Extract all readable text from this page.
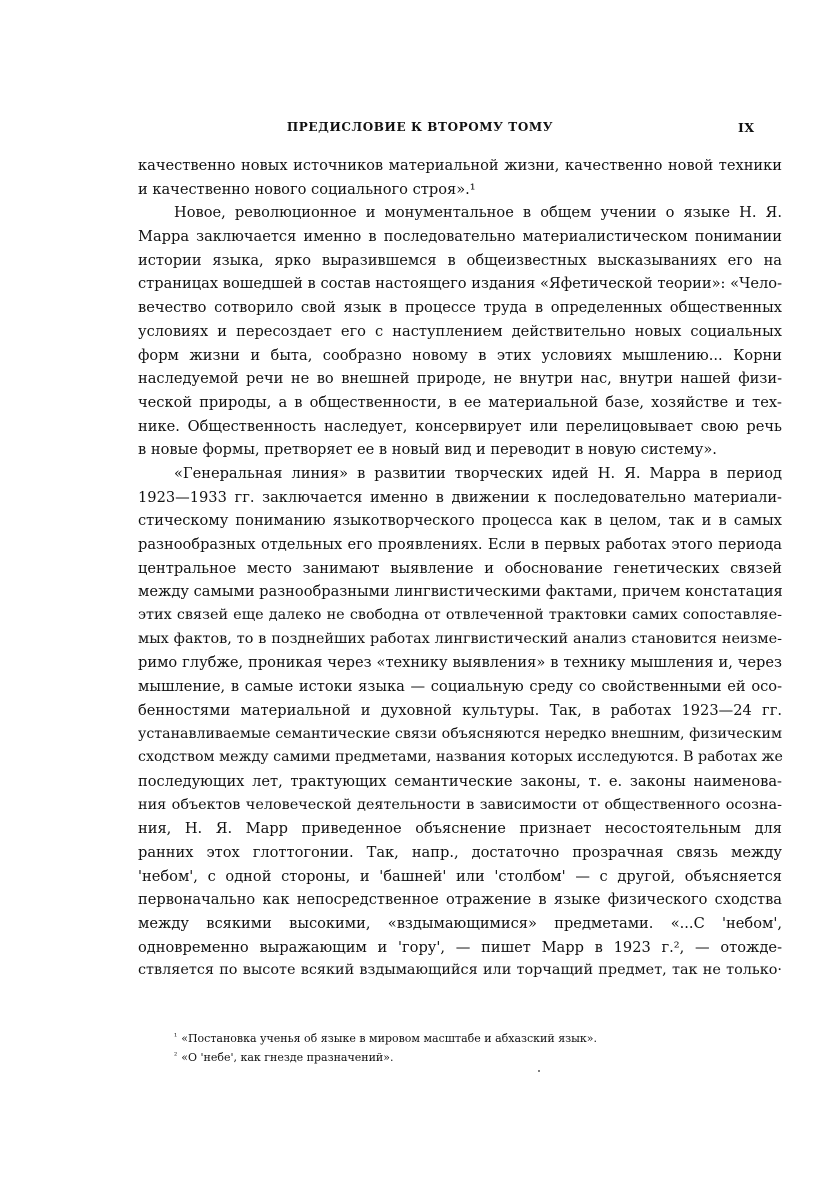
ПРЕДИСЛОВИЕ К ВТОРОМУ ТОМУ	IX
качественно новых источников материальной жизни, качественно новой техники
и качественно нового социального строя».¹
Новое, революционное и монументальное в общем учении о языке Н. Я.
Марра заключается именно в последовательно материалистическом понимании
истории языка, ярко выразившемся в общеизвестных высказываниях его на
страницах вошедшей в состав настоящего издания «Яфетической теории»: «Чело-
вечество сотворило свой язык в процессе труда в определенных общественных
условиях и пересоздает его с наступлением действительно новых социальных
форм жизни и быта, сообразно новому в этих условиях мышлению... Корни
наследуемой речи не во внешней природе, не внутри нас, внутри нашей физи-
ческой природы, а в общественности, в ее материальной базе, хозяйстве и тех-
нике. Общественность наследует, консервирует или перелицовывает свою речь
в новые формы, претворяет ее в новый вид и переводит в новую систему».
«Генеральная линия» в развитии творческих идей Н. Я. Марра в период
1923—1933 гг. заключается именно в движении к последовательно материали-
стическому пониманию языкотворческого процесса как в целом, так и в самых
разнообразных отдельных его проявлениях. Если в первых работах этого периода
центральное место занимают выявление и обоснование генетических связей
между самыми разнообразными лингвистическими фактами, причем констатация
этих связей еще далеко не свободна от отвлеченной трактовки самих сопоставляе-
мых фактов, то в позднейших работах лингвистический анализ становится неизме-
римо глубже, проникая через «технику выявления» в технику мышления и, через
мышление, в самые истоки языка — социальную среду со свойственными ей осо-
бенностями материальной и духовной культуры. Так, в работах 1923—24 гг.
устанавливаемые семантические связи объясняются нередко внешним, физическим
сходством между самими предметами, названия которых исследуются. В работах же
последующих лет, трактующих семантические законы, т. е. законы наименова-
ния объектов человеческой деятельности в зависимости от общественного осозна-
ния, Н. Я. Марр приведенное объяснение признает несостоятельным для
ранних этох глоттогонии. Так, напр., достаточно прозрачная связь между
'небом', с одной стороны, и 'башней' или 'столбом' — с другой, объясняется
первоначально как непосредственное отражение в языке физического сходства
между всякими высокими, «вздымающимися» предметами. «...С 'небом',
одновременно выражающим и 'гору', — пишет Марр в 1923 г.², — отожде-
ствляется по высоте всякий вздымающийся или торчащий предмет, так не только·
$^{^1}$ «Постановка ученья об языке в мировом масштабе и абхазский язык».
$^{^2}$ «О 'небе', как гнезде празначений».
